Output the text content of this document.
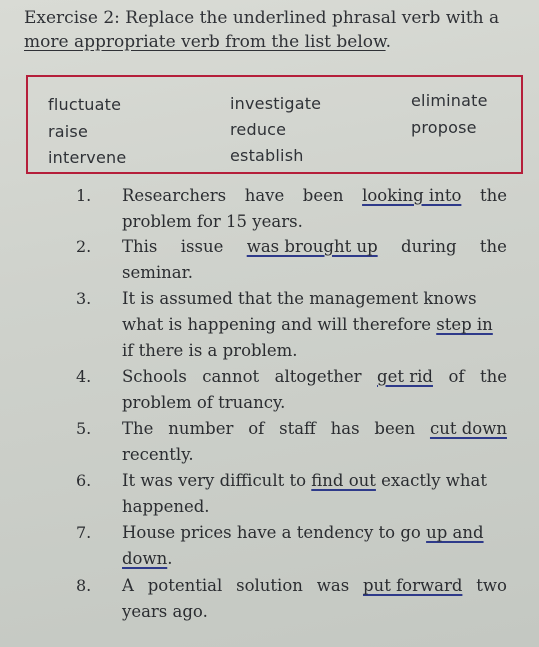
Exercise 2: Replace the underlined phrasal verb with a
more appropriate verb from the list below.
fluctuate	investigate	eliminate
raise	reduce	propose
intervene	establish
1. Researchers have been looking into the
problem for 15 years.
2. This issue was brought up during the
seminar.
3. It is assumed that the management knows
what is happening and will therefore step in
if there is a problem.
4. Schools cannot altogether get rid of the
problem of truancy.
5. The number of staff has been cut down
recently.
6. It was very difficult to find out exactly what
happened.
7. House prices have a tendency to go up and
down.
8. A potential solution was put forward two
years ago.
